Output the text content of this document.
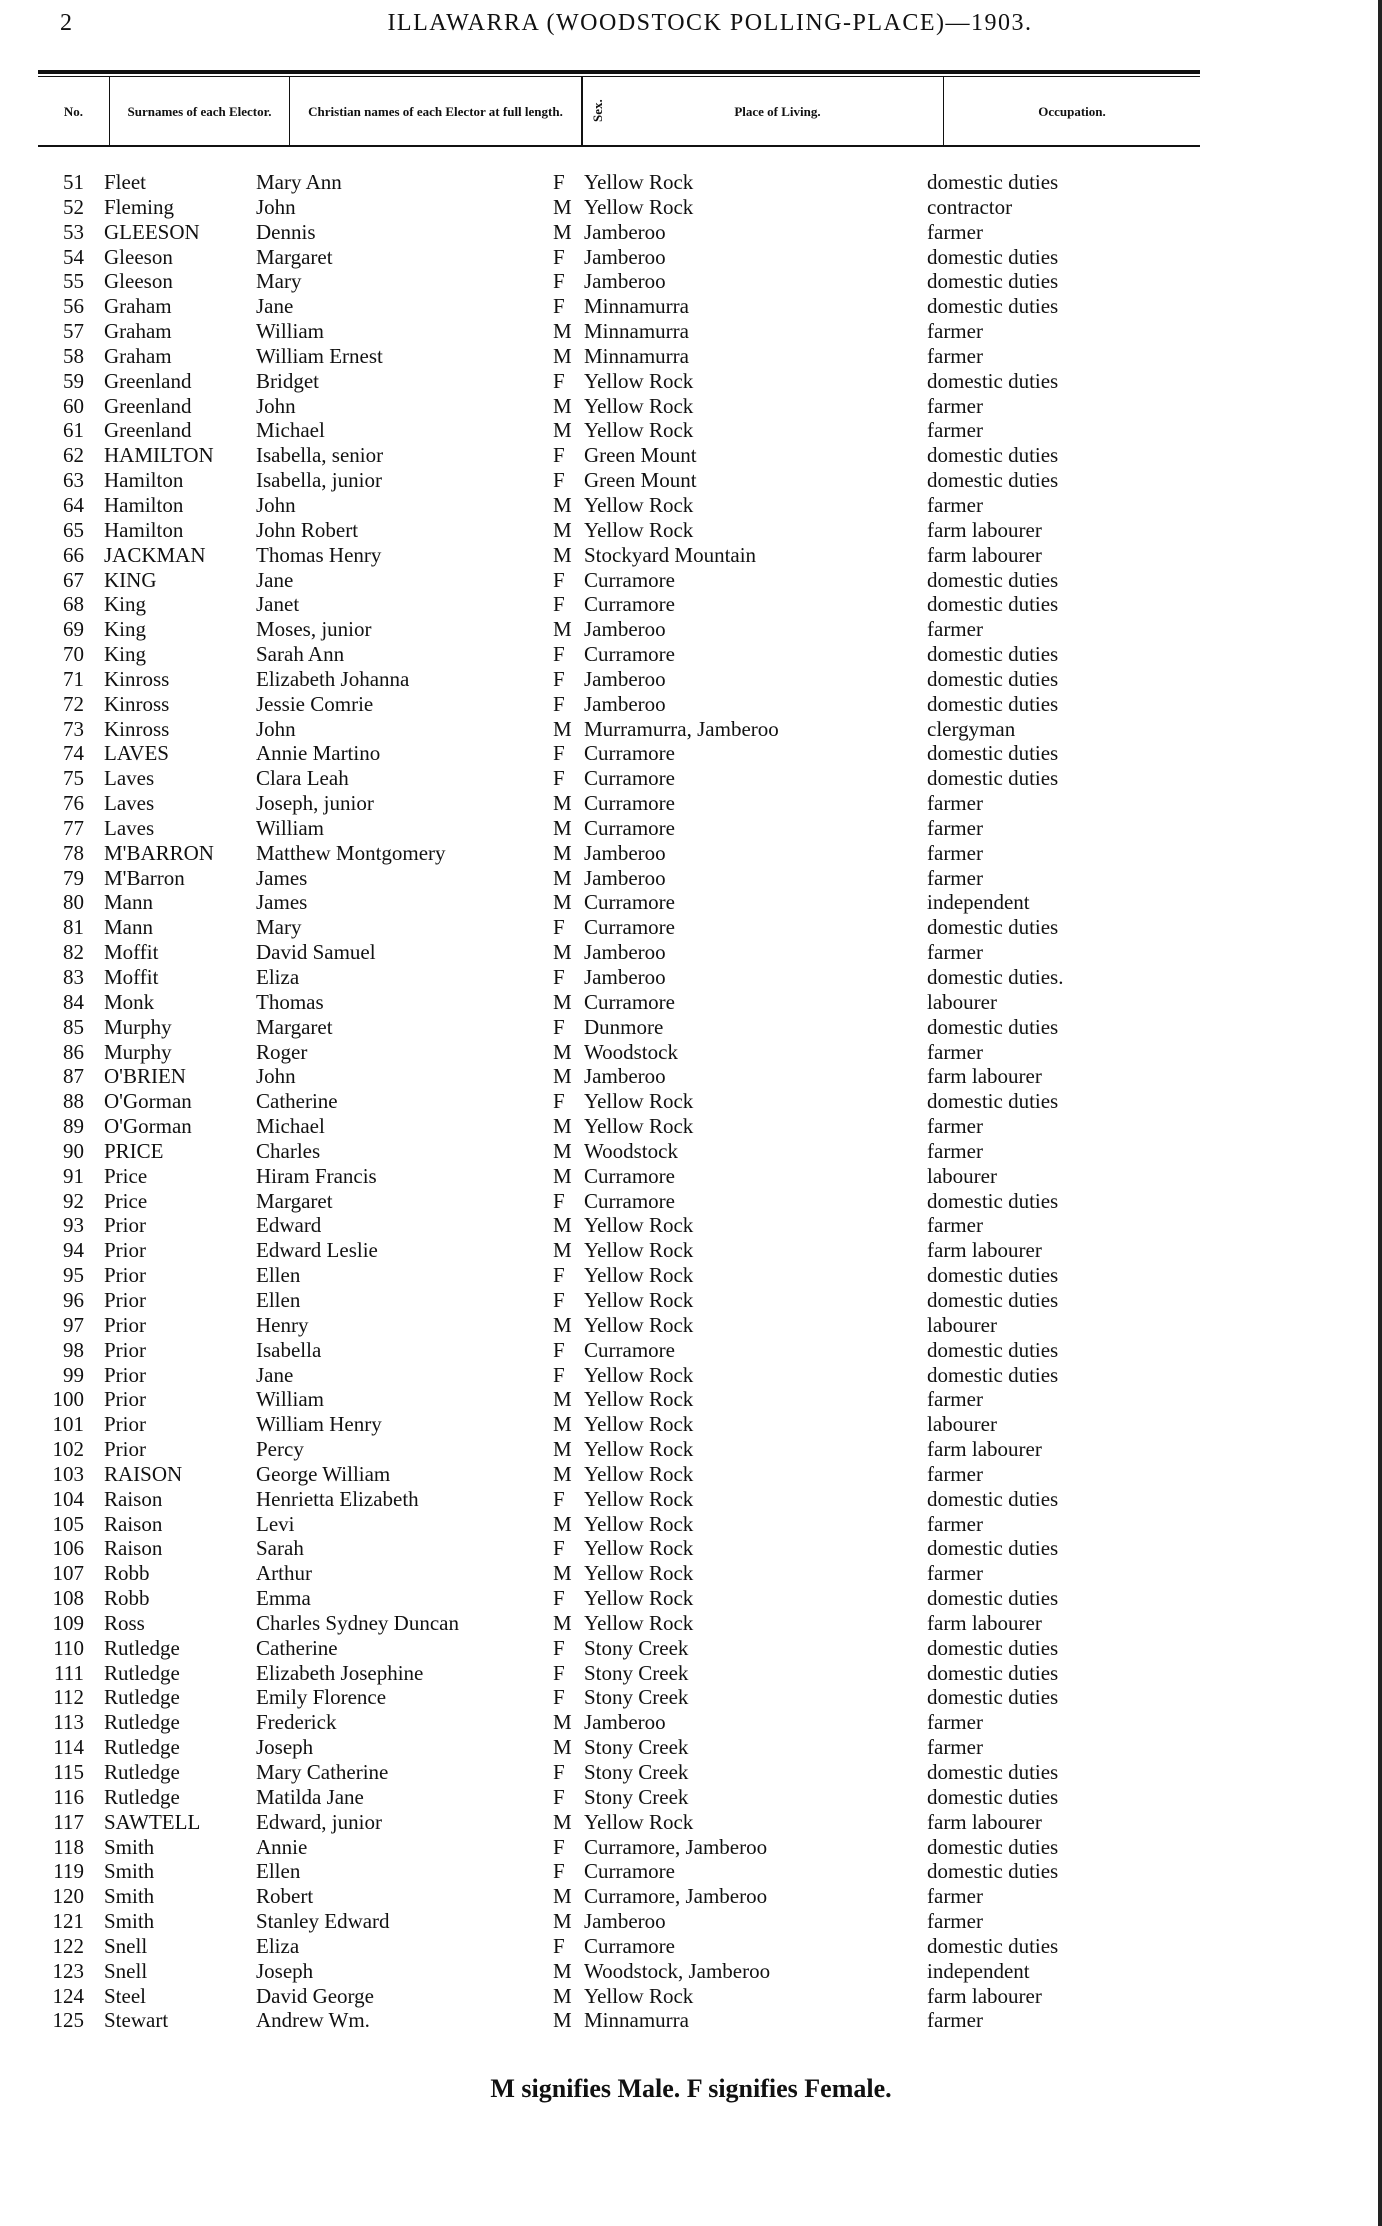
2	ILLAWARRA (WOODSTOCK POLLING-PLACE)—1903.
No.	Surnames of each Elector.	Christian names of each Elector at full length.	Sex.	Place of Living.	Occupation.
51 Fleet	Mary Ann	F Yellow Rock	domestic duties
52 Fleming	John	M Yellow Rock	contractor
53 GLEESON	Dennis	M Jamberoo	farmer
54 Gleeson	Margaret	F Jamberoo	domestic duties
55 Gleeson	Mary	F Jamberoo	domestic duties
56 Graham	Jane	F Minnamurra	domestic duties
57 Graham	William	M Minnamurra	farmer
58 Graham	William Ernest	M Minnamurra	farmer
59 Greenland	Bridget	F Yellow Rock	domestic duties
60 Greenland	John	M Yellow Rock	farmer
61 Greenland	Michael	M Yellow Rock	farmer
62 HAMILTON	Isabella, senior	F Green Mount	domestic duties
63 Hamilton	Isabella, junior	F Green Mount	domestic duties
64 Hamilton	John	M Yellow Rock	farmer
65 Hamilton	John Robert	M Yellow Rock	farm labourer
66 JACKMAN	Thomas Henry	M Stockyard Mountain	farm labourer
67 KING	Jane	F Curramore	domestic duties
68 King	Janet	F Curramore	domestic duties
69 King	Moses, junior	M Jamberoo	farmer
70 King	Sarah Ann	F Curramore	domestic duties
71 Kinross	Elizabeth Johanna	F Jamberoo	domestic duties
72 Kinross	Jessie Comrie	F Jamberoo	domestic duties
73 Kinross	John	M Murramurra, Jamberoo	clergyman
74 LAVES	Annie Martino	F Curramore	domestic duties
75 Laves	Clara Leah	F Curramore	domestic duties
76 Laves	Joseph, junior	M Curramore	farmer
77 Laves	William	M Curramore	farmer
78 M'BARRON	Matthew Montgomery	M Jamberoo	farmer
79 M'Barron	James	M Jamberoo	farmer
80 Mann	James	M Curramore	independent
81 Mann	Mary	F Curramore	domestic duties
82 Moffit	David Samuel	M Jamberoo	farmer
83 Moffit	Eliza	F Jamberoo	domestic duties.
84 Monk	Thomas	M Curramore	labourer
85 Murphy	Margaret	F Dunmore	domestic duties
86 Murphy	Roger	M Woodstock	farmer
87 O'BRIEN	John	M Jamberoo	farm labourer
88 O'Gorman	Catherine	F Yellow Rock	domestic duties
89 O'Gorman	Michael	M Yellow Rock	farmer
90 PRICE	Charles	M Woodstock	farmer
91 Price	Hiram Francis	M Curramore	labourer
92 Price	Margaret	F Curramore	domestic duties
93 Prior	Edward	M Yellow Rock	farmer
94 Prior	Edward Leslie	M Yellow Rock	farm labourer
95 Prior	Ellen	F Yellow Rock	domestic duties
96 Prior	Ellen	F Yellow Rock	domestic duties
97 Prior	Henry	M Yellow Rock	labourer
98 Prior	Isabella	F Curramore	domestic duties
99 Prior	Jane	F Yellow Rock	domestic duties
100 Prior	William	M Yellow Rock	farmer
101 Prior	William Henry	M Yellow Rock	labourer
102 Prior	Percy	M Yellow Rock	farm labourer
103 RAISON	George William	M Yellow Rock	farmer
104 Raison	Henrietta Elizabeth	F Yellow Rock	domestic duties
105 Raison	Levi	M Yellow Rock	farmer
106 Raison	Sarah	F Yellow Rock	domestic duties
107 Robb	Arthur	M Yellow Rock	farmer
108 Robb	Emma	F Yellow Rock	domestic duties
109 Ross	Charles Sydney Duncan	M Yellow Rock	farm labourer
110 Rutledge	Catherine	F Stony Creek	domestic duties
111 Rutledge	Elizabeth Josephine	F Stony Creek	domestic duties
112 Rutledge	Emily Florence	F Stony Creek	domestic duties
113 Rutledge	Frederick	M Jamberoo	farmer
114 Rutledge	Joseph	M Stony Creek	farmer
115 Rutledge	Mary Catherine	F Stony Creek	domestic duties
116 Rutledge	Matilda Jane	F Stony Creek	domestic duties
117 SAWTELL	Edward, junior	M Yellow Rock	farm labourer
118 Smith	Annie	F Curramore, Jamberoo	domestic duties
119 Smith	Ellen	F Curramore	domestic duties
120 Smith	Robert	M Curramore, Jamberoo	farmer
121 Smith	Stanley Edward	M Jamberoo	farmer
122 Snell	Eliza	F Curramore	domestic duties
123 Snell	Joseph	M Woodstock, Jamberoo	independent
124 Steel	David George	M Yellow Rock	farm labourer
125 Stewart	Andrew Wm.	M Minnamurra	farmer
M signifies Male. F signifies Female.
